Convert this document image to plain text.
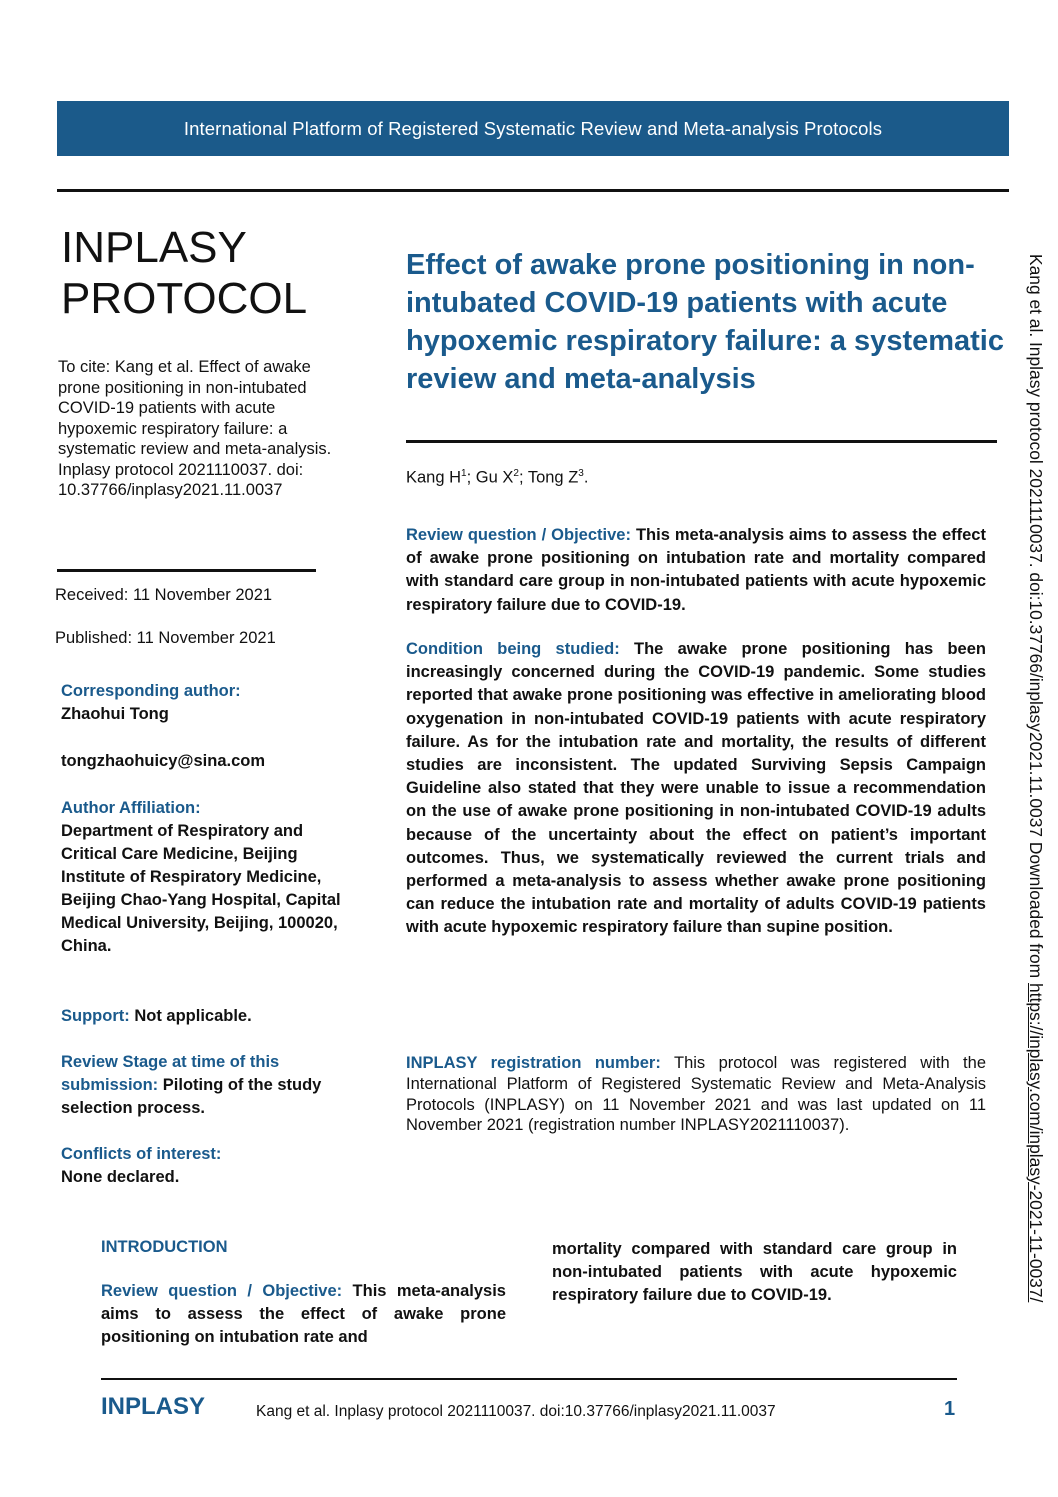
International Platform of Registered Systematic Review and Meta-analysis Protocols
INPLASY
PROTOCOL
To cite: Kang et al. Effect of awake prone positioning in non-intubated COVID-19 patients with acute hypoxemic respiratory failure: a systematic review and meta-analysis. Inplasy protocol 2021110037. doi: 10.37766/inplasy2021.11.0037
Received: 11 November 2021
Published: 11 November 2021
Corresponding author:
Zhaohui Tong
tongzhaohuicy@sina.com
Author Affiliation:
Department of Respiratory and Critical Care Medicine, Beijing Institute of Respiratory Medicine, Beijing Chao-Yang Hospital, Capital Medical University, Beijing, 100020, China.
Support: Not applicable.
Review Stage at time of this submission: Piloting of the study selection process.
Conflicts of interest:
None declared.
Effect of awake prone positioning in non-intubated COVID-19 patients with acute hypoxemic respiratory failure: a systematic review and meta-analysis
Kang $H^1$; Gu $X^2$; Tong $Z^3$.
Review question / Objective: This meta-analysis aims to assess the effect of awake prone positioning on intubation rate and mortality compared with standard care group in non-intubated patients with acute hypoxemic respiratory failure due to COVID-19.
Condition being studied: The awake prone positioning has been increasingly concerned during the COVID-19 pandemic. Some studies reported that awake prone positioning was effective in ameliorating blood oxygenation in non-intubated COVID-19 patients with acute respiratory failure. As for the intubation rate and mortality, the results of different studies are inconsistent. The updated Surviving Sepsis Campaign Guideline also stated that they were unable to issue a recommendation on the use of awake prone positioning in non-intubated COVID-19 adults because of the uncertainty about the effect on patient’s important outcomes. Thus, we systematically reviewed the current trials and performed a meta-analysis to assess whether awake prone positioning can reduce the intubation rate and mortality of adults COVID-19 patients with acute hypoxemic respiratory failure than supine position.
INPLASY registration number: This protocol was registered with the International Platform of Registered Systematic Review and Meta-Analysis Protocols (INPLASY) on 11 November 2021 and was last updated on 11 November 2021 (registration number INPLASY2021110037).
INTRODUCTION
Review question / Objective: This meta-analysis aims to assess the effect of awake prone positioning on intubation rate and
mortality compared with standard care group in non-intubated patients with acute hypoxemic respiratory failure due to COVID-19.
INPLASY	Kang et al. Inplasy protocol 2021110037. doi:10.37766/inplasy2021.11.0037	1
Kang et al. Inplasy protocol 2021110037. doi:10.37766/inplasy2021.11.0037 Downloaded from https://inplasy.com/inplasy-2021-11-0037/
